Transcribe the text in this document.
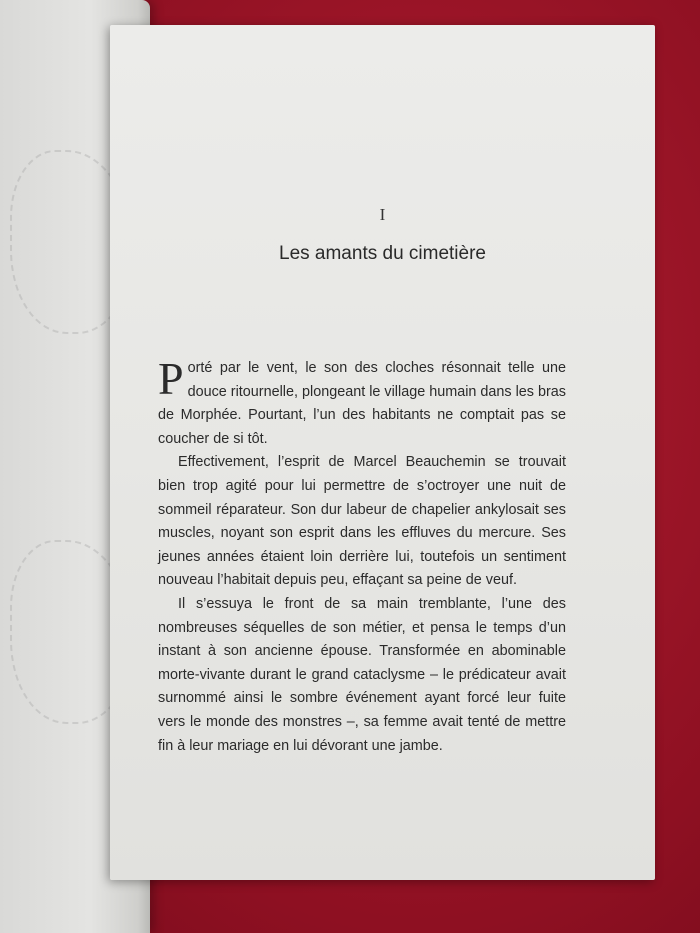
I
Les amants du cimetière

Porté par le vent, le son des cloches résonnait telle une douce ritournelle, plongeant le village humain dans les bras de Morphée. Pourtant, l’un des habitants ne comptait pas se coucher de si tôt.

Effectivement, l’esprit de Marcel Beauchemin se trouvait bien trop agité pour lui permettre de s’octroyer une nuit de sommeil réparateur. Son dur labeur de chapelier ankylosait ses muscles, noyant son esprit dans les effluves du mercure. Ses jeunes années étaient loin derrière lui, toutefois un sentiment nouveau l’habitait depuis peu, effaçant sa peine de veuf.

Il s’essuya le front de sa main tremblante, l’une des nombreuses séquelles de son métier, et pensa le temps d’un instant à son ancienne épouse. Transformée en abominable morte-vivante durant le grand cataclysme – le prédicateur avait surnommé ainsi le sombre événement ayant forcé leur fuite vers le monde des monstres –, sa femme avait tenté de mettre fin à leur mariage en lui dévorant une jambe.
